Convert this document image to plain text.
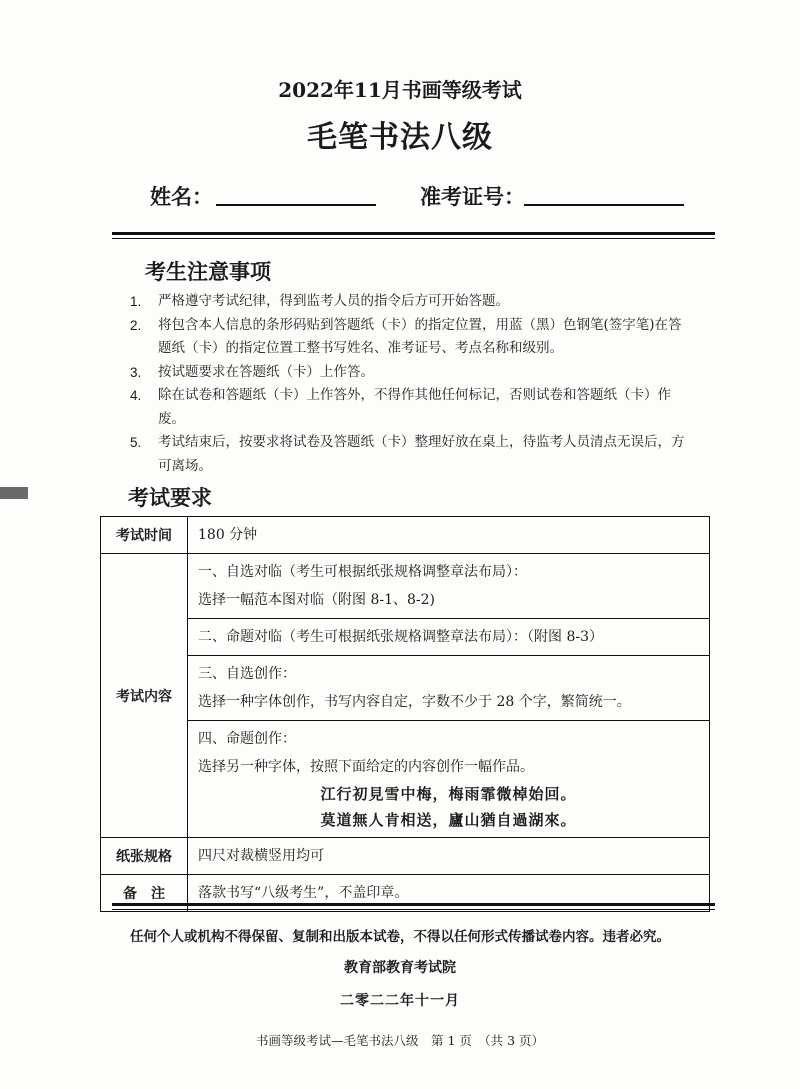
2022年11月书画等级考试
毛笔书法八级
姓名：	准考证号：
考生注意事项
1.	严格遵守考试纪律，得到监考人员的指令后方可开始答题。
2.	将包含本人信息的条形码贴到答题纸（卡）的指定位置，用蓝（黑）色钢笔(签字笔)在答题纸（卡）的指定位置工整书写姓名、准考证号、考点名称和级别。
3.	按试题要求在答题纸（卡）上作答。
4.	除在试卷和答题纸（卡）上作答外，不得作其他任何标记，否则试卷和答题纸（卡）作废。
5.	考试结束后，按要求将试卷及答题纸（卡）整理好放在桌上，待监考人员清点无误后，方可离场。
考试要求
考试时间	180 分钟
考试内容	一、自选对临（考生可根据纸张规格调整章法布局）：
选择一幅范本图对临（附图 8-1、8-2)

	二、命题对临（考生可根据纸张规格调整章法布局）：（附图 8-3）

	三、自选创作：
选择一种字体创作，书写内容自定，字数不少于 28 个字，繁简统一。

	四、命题创作：
选择另一种字体，按照下面给定的内容创作一幅作品。
江行初見雪中梅，梅雨霏微棹始回。
莫道無人肯相送，廬山猶自過湖來。

纸张规格	四尺对裁横竖用均可
备　注	落款书写“八级考生”，不盖印章。
任何个人或机构不得保留、复制和出版本试卷，不得以任何形式传播试卷内容。违者必究。
教育部教育考试院
二零二二年十一月
书画等级考试—毛笔书法八级　第 1 页　（共 3 页）
